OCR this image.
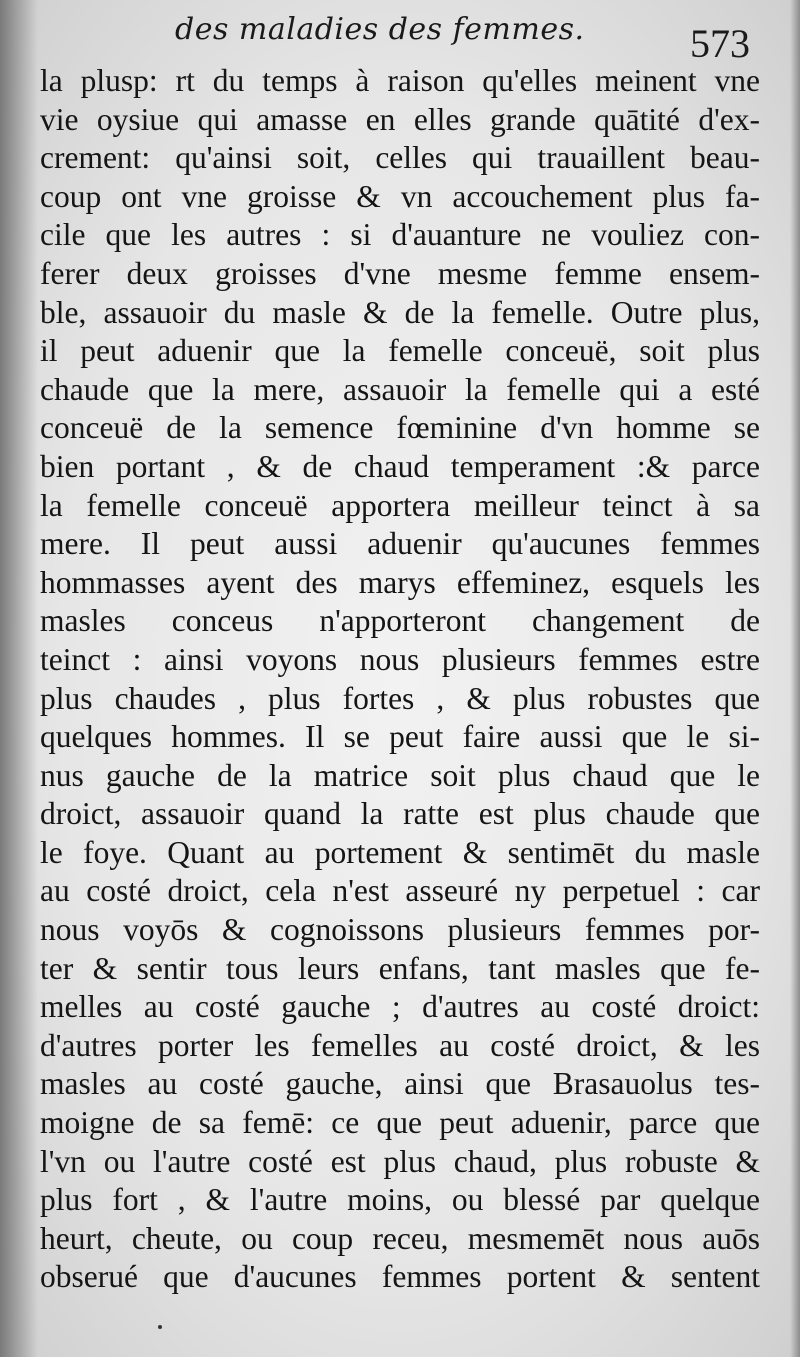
des maladies des femmes.	573
la plusp: rt du temps à raison qu'elles meinent vne
vie oysiue qui amasse en elles grande quātité d'ex-
crement: qu'ainsi soit, celles qui trauaillent beau-
coup ont vne groisse & vn accouchement plus fa-
cile que les autres : si d'auanture ne vouliez con-
ferer deux groisses d'vne mesme femme ensem-
ble, assauoir du masle & de la femelle. Outre plus,
il peut aduenir que la femelle conceuë, soit plus
chaude que la mere, assauoir la femelle qui a esté
conceuë de la semence fœminine d'vn homme se
bien portant , & de chaud temperament :& parce
la femelle conceuë apportera meilleur teinct à sa
mere. Il peut aussi aduenir qu'aucunes femmes
hommasses ayent des marys effeminez, esquels les
masles conceus n'apporteront changement de
teinct : ainsi voyons nous plusieurs femmes estre
plus chaudes , plus fortes , & plus robustes que
quelques hommes. Il se peut faire aussi que le si-
nus gauche de la matrice soit plus chaud que le
droict, assauoir quand la ratte est plus chaude que
le foye. Quant au portement & sentimēt du masle
au costé droict, cela n'est asseuré ny perpetuel : car
nous voyōs & cognoissons plusieurs femmes por-
ter & sentir tous leurs enfans, tant masles que fe-
melles au costé gauche ; d'autres au costé droict:
d'autres porter les femelles au costé droict, & les
masles au costé gauche, ainsi que Brasauolus tes-
moigne de sa femē: ce que peut aduenir, parce que
l'vn ou l'autre costé est plus chaud, plus robuste &
plus fort , & l'autre moins, ou blessé par quelque
heurt, cheute, ou coup receu, mesmemēt nous auōs
obserué que d'aucunes femmes portent & sentent
